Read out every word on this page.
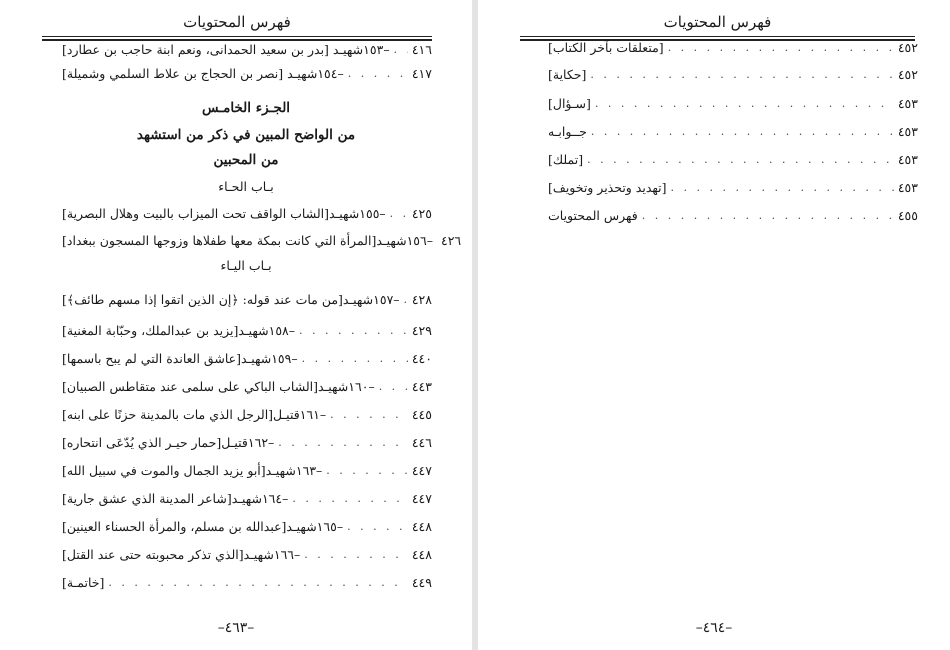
فهرس المحتويات
–١٥٣شهيـد [بدر بن سعيد الحمدانى، ونعم ابنة حاجب بن عطارد] . . . ٤١٦
–١٥٤شهيـد [نصر بن الحجاج بن علاط السلمي وشميلة] . . .	٤١٧
الجـزء الخامـس
من الواضح المبين في ذكر من استشهد
من المحبين
بـاب الحـاء
–١٥٥شهيـد[الشاب الواقف تحت الميزاب بالبيت وهلال البصرية] . . . ٤٢٥
–١٥٦شهيـد[المرأة التي كانت بمكة معها طفلاها وزوجها المسجون ببغداد] ٤٢٦
بـاب اليـاء
–١٥٧شهيـد[من مات عند قوله: ﴿إن الذين اتقوا إذا مسهم طائف﴾] . . . ٤٢٨
–١٥٨شهيـد[يزيد بن عبدالملك، وحبّابة المغنية] . . .	٤٢٩
–١٥٩شهيـد[عاشق العاندة التي لم يبح باسمها] . . .	٤٤٠
–١٦٠شهيـد[الشاب الباكي على سلمى عند متقاطس الصبيان] . . .	٤٤٣
–١٦١قتيـل[الرجل الذي مات بالمدينة حزنًا على ابنه] . . .	٤٤٥
–١٦٢قتيـل[حمار حيـر الذي يُدّعَى انتحاره] . . .	٤٤٦
–١٦٣شهيـد[أبو يزيد الجمال والموت في سبيل الله] . . .	٤٤٧
–١٦٤شهيـد[شاعر المدينة الذي عشق جارية] . . .	٤٤٧
–١٦٥شهيـد[عبدالله بن مسلم، والمرأة الحسناء العينين] . . .	٤٤٨
–١٦٦شهيـد[الذي تذكر محبوبته حتى عند القتل] . . .	٤٤٨
[خاتمـة] . . .	٤٤٩
–٤٦٣–
فهرس المحتويات
[متعلقات بآخر الكتاب] . . .	٤٥٢
[حكاية] . . .	٤٥٢
[سـؤال] . . .	٤٥٣
جــوابـه . . .	٤٥٣
[تملك] . . .	٤٥٣
[تهديد وتحذير وتخويف] . . .	٤٥٣
فهرس المحتويات . . .	٤٥٥
–٤٦٤–
